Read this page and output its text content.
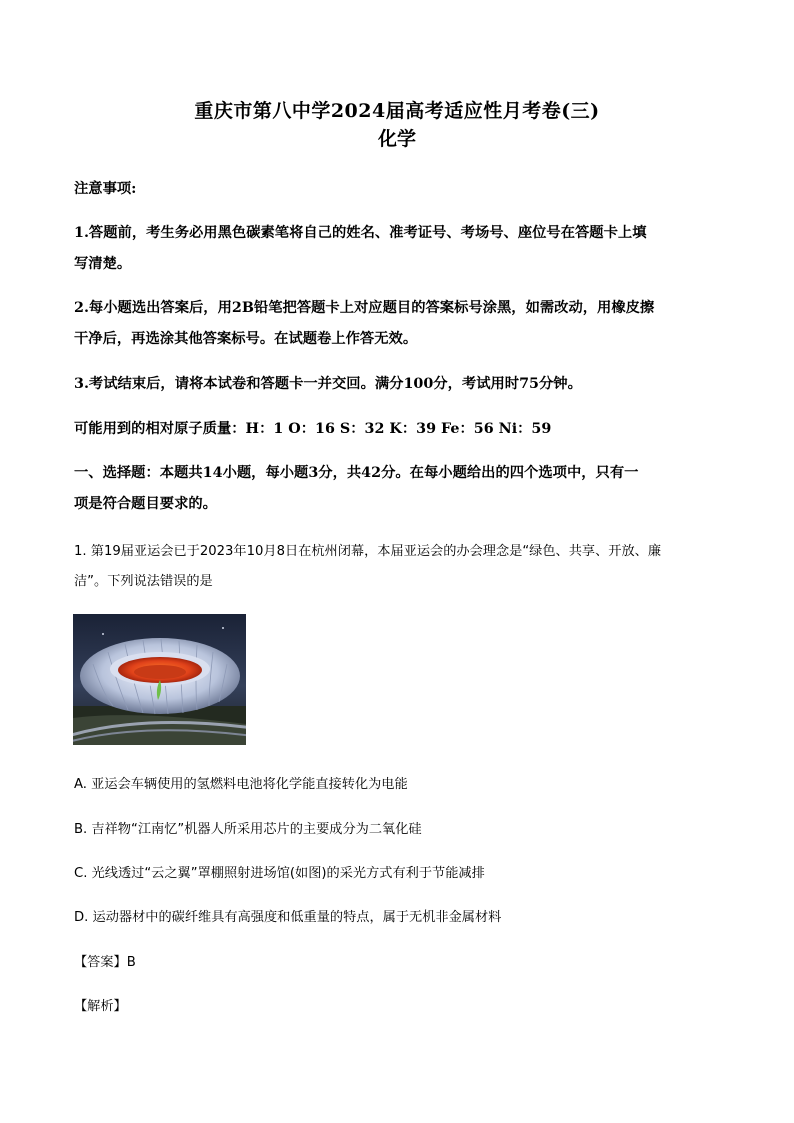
重庆市第八中学2024届高考适应性月考卷(三)
化学
注意事项:
1.答题前，考生务必用黑色碳素笔将自己的姓名、准考证号、考场号、座位号在答题卡上填
写清楚。
2.每小题选出答案后，用2B铅笔把答题卡上对应题目的答案标号涂黑，如需改动，用橡皮擦
干净后，再选涂其他答案标号。在试题卷上作答无效。
3.考试结束后，请将本试卷和答题卡一并交回。满分100分，考试用时75分钟。
可能用到的相对原子质量：H：1 O：16 S：32 K：39 Fe：56 Ni：59
一、选择题：本题共14小题，每小题3分，共42分。在每小题给出的四个选项中，只有一
项是符合题目要求的。
1. 第19届亚运会已于2023年10月8日在杭州闭幕，本届亚运会的办会理念是“绿色、共享、开放、廉
洁”。下列说法错误的是
A. 亚运会车辆使用的氢燃料电池将化学能直接转化为电能
B. 吉祥物“江南忆”机器人所采用芯片的主要成分为二氧化硅
C. 光线透过“云之翼”罩棚照射进场馆(如图)的采光方式有利于节能减排
D. 运动器材中的碳纤维具有高强度和低重量的特点，属于无机非金属材料
【答案】B
【解析】
